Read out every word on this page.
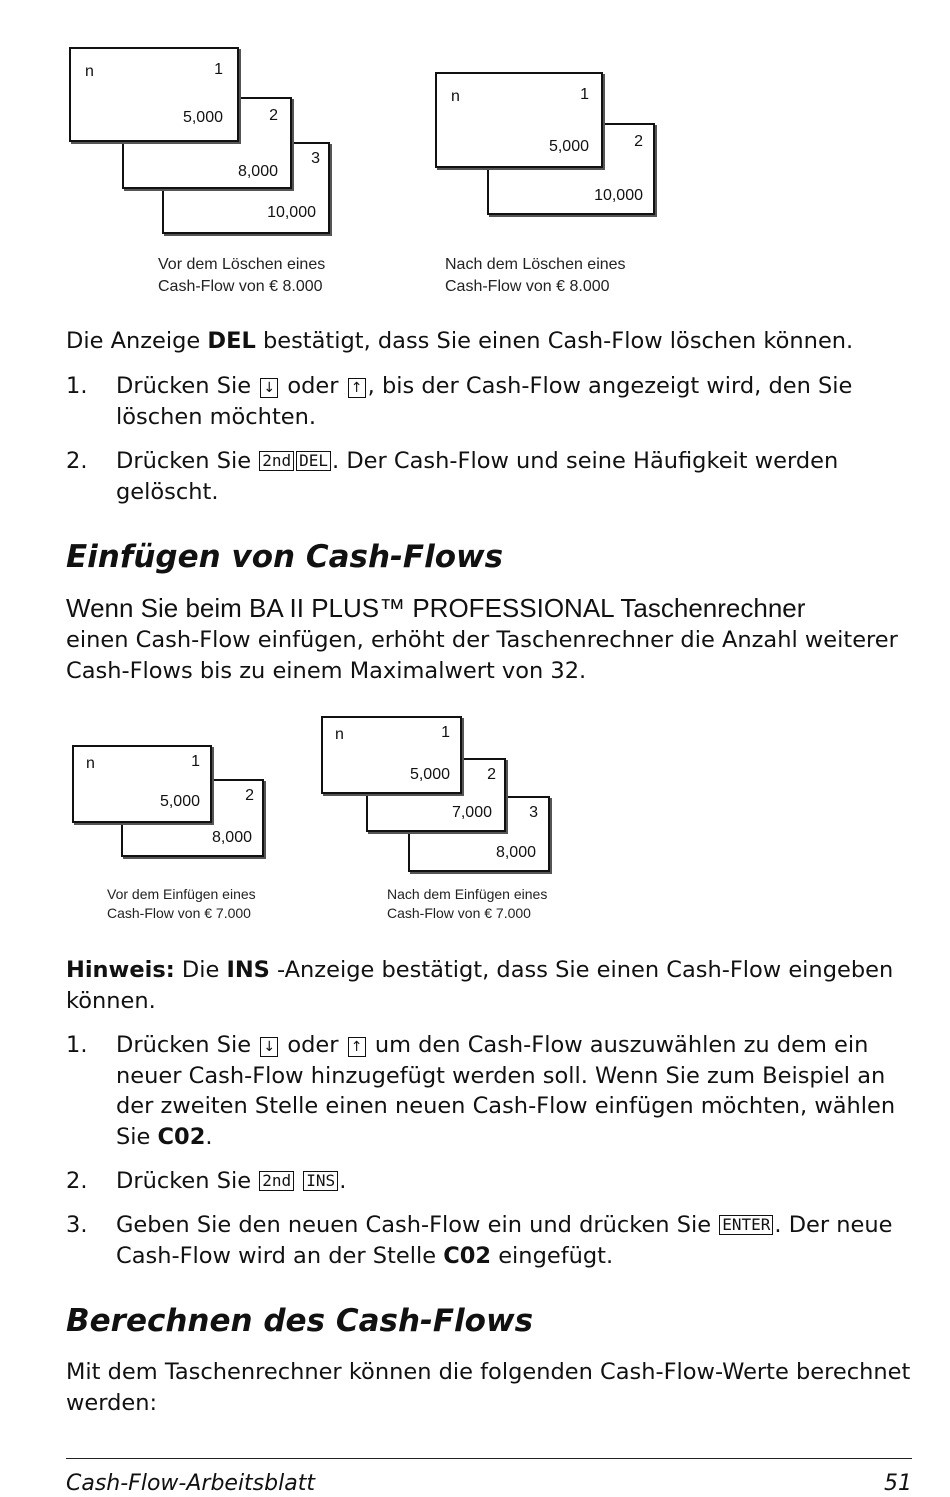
3
10,000
2
8,000
n	1
5,000
Vor dem Löschen eines
Cash-Flow von € 8.000
2
10,000
n	1
5,000
Nach dem Löschen eines
Cash-Flow von € 8.000
Die Anzeige DEL bestätigt, dass Sie einen Cash-Flow löschen können.
1. Drücken Sie ↓ oder ↑ , bis der Cash-Flow angezeigt wird, den Sie löschen möchten.
2. Drücken Sie 2nd DEL . Der Cash-Flow und seine Häufigkeit werden gelöscht.
Einfügen von Cash-Flows
Wenn Sie beim BA II PLUS™ PROFESSIONAL Taschenrechner
einen Cash-Flow einfügen, erhöht der Taschenrechner die Anzahl weiterer Cash-Flows bis zu einem Maximalwert von 32.
2
8,000
n	1
5,000
Vor dem Einfügen eines
Cash-Flow von € 7.000
3
8,000
2
7,000
n	1
5,000
Nach dem Einfügen eines
Cash-Flow von € 7.000
Hinweis: Die INS -Anzeige bestätigt, dass Sie einen Cash-Flow eingeben können.
1. Drücken Sie ↓ oder ↑ um den Cash-Flow auszuwählen zu dem ein neuer Cash-Flow hinzugefügt werden soll. Wenn Sie zum Beispiel an der zweiten Stelle einen neuen Cash-Flow einfügen möchten, wählen Sie C02.
2. Drücken Sie 2nd INS .
3. Geben Sie den neuen Cash-Flow ein und drücken Sie ENTER . Der neue Cash-Flow wird an der Stelle C02 eingefügt.
Berechnen des Cash-Flows
Mit dem Taschenrechner können die folgenden Cash-Flow-Werte berechnet werden:
Cash-Flow-Arbeitsblatt	51
